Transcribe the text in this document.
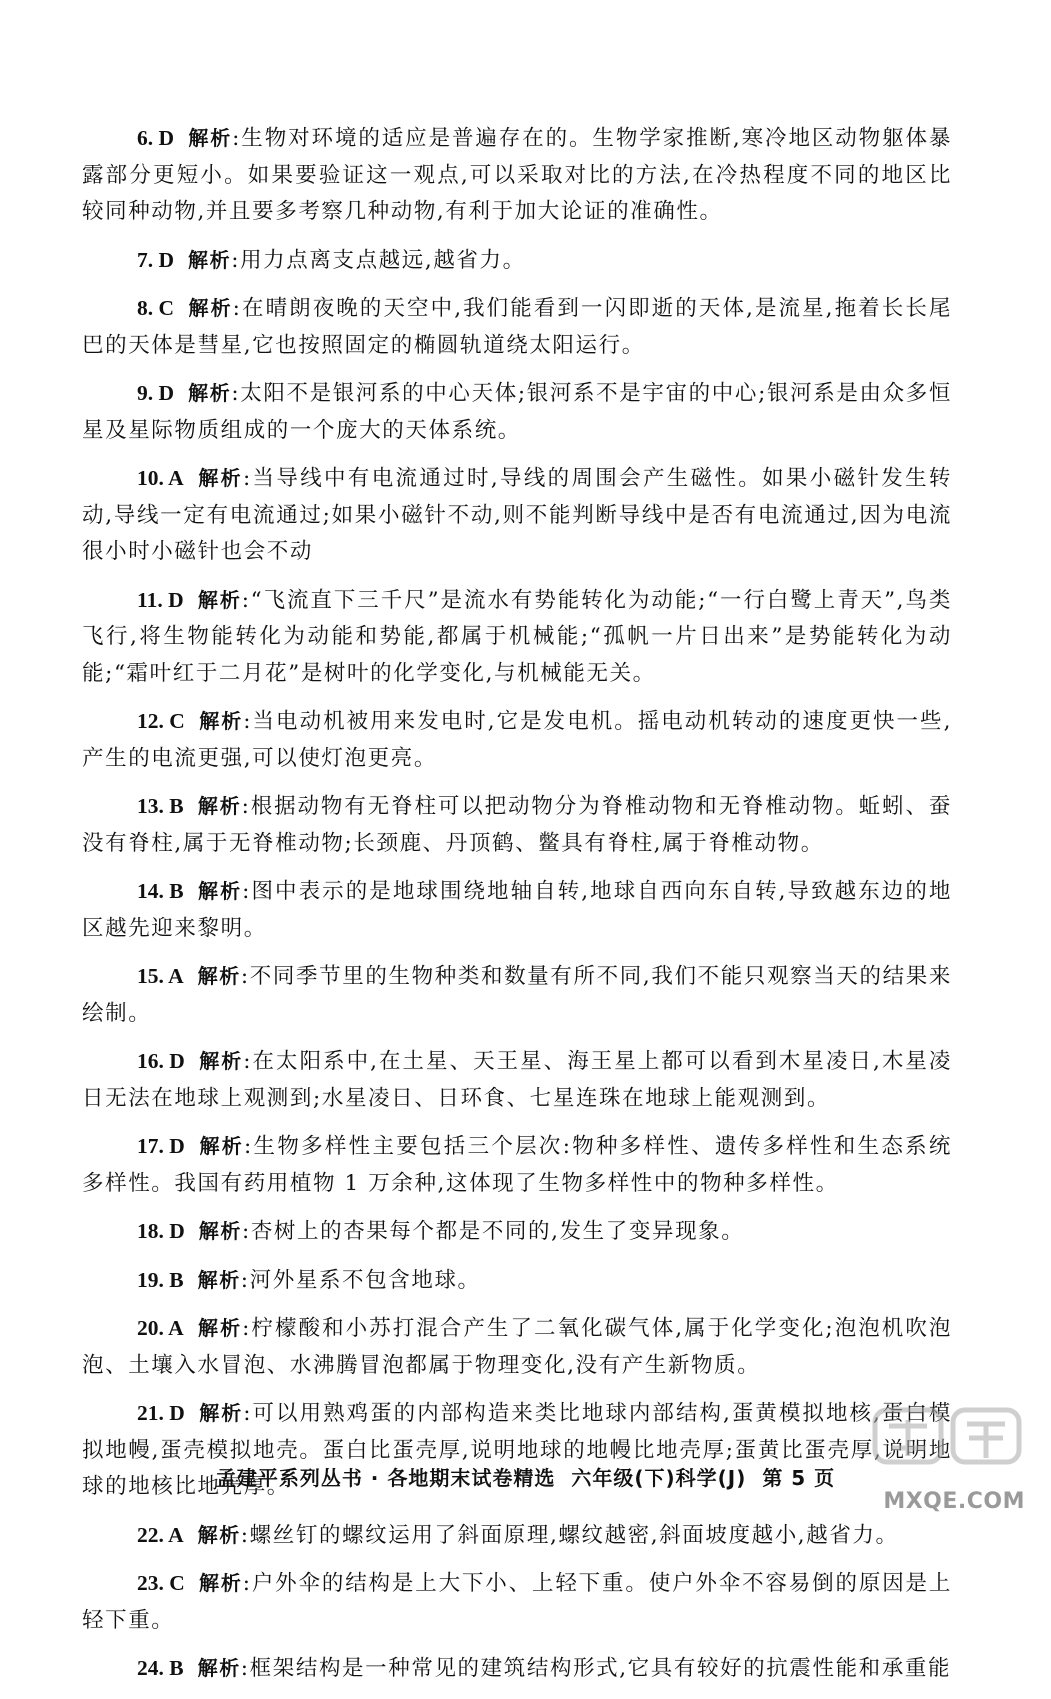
6. D 解析:生物对环境的适应是普遍存在的。生物学家推断,寒冷地区动物躯体暴露部分更短小。如果要验证这一观点,可以采取对比的方法,在冷热程度不同的地区比较同种动物,并且要多考察几种动物,有利于加大论证的准确性。
7. D 解析:用力点离支点越远,越省力。
8. C 解析:在晴朗夜晚的天空中,我们能看到一闪即逝的天体,是流星,拖着长长尾巴的天体是彗星,它也按照固定的椭圆轨道绕太阳运行。
9. D 解析:太阳不是银河系的中心天体;银河系不是宇宙的中心;银河系是由众多恒星及星际物质组成的一个庞大的天体系统。
10. A 解析:当导线中有电流通过时,导线的周围会产生磁性。如果小磁针发生转动,导线一定有电流通过;如果小磁针不动,则不能判断导线中是否有电流通过,因为电流很小时小磁针也会不动
11. D 解析:“飞流直下三千尺”是流水有势能转化为动能;“一行白鹭上青天”,鸟类飞行,将生物能转化为动能和势能,都属于机械能;“孤帆一片日出来”是势能转化为动能;“霜叶红于二月花”是树叶的化学变化,与机械能无关。
12. C 解析:当电动机被用来发电时,它是发电机。摇电动机转动的速度更快一些,产生的电流更强,可以使灯泡更亮。
13. B 解析:根据动物有无脊柱可以把动物分为脊椎动物和无脊椎动物。蚯蚓、蚕没有脊柱,属于无脊椎动物;长颈鹿、丹顶鹤、鳖具有脊柱,属于脊椎动物。
14. B 解析:图中表示的是地球围绕地轴自转,地球自西向东自转,导致越东边的地区越先迎来黎明。
15. A 解析:不同季节里的生物种类和数量有所不同,我们不能只观察当天的结果来绘制。
16. D 解析:在太阳系中,在土星、天王星、海王星上都可以看到木星凌日,木星凌日无法在地球上观测到;水星凌日、日环食、七星连珠在地球上能观测到。
17. D 解析:生物多样性主要包括三个层次:物种多样性、遗传多样性和生态系统多样性。我国有药用植物 1 万余种,这体现了生物多样性中的物种多样性。
18. D 解析:杏树上的杏果每个都是不同的,发生了变异现象。
19. B 解析:河外星系不包含地球。
20. A 解析:柠檬酸和小苏打混合产生了二氧化碳气体,属于化学变化;泡泡机吹泡泡、土壤入水冒泡、水沸腾冒泡都属于物理变化,没有产生新物质。
21. D 解析:可以用熟鸡蛋的内部构造来类比地球内部结构,蛋黄模拟地核,蛋白模拟地幔,蛋壳模拟地壳。蛋白比蛋壳厚,说明地球的地幔比地壳厚;蛋黄比蛋壳厚,说明地球的地核比地壳厚。
22. A 解析:螺丝钉的螺纹运用了斜面原理,螺纹越密,斜面坡度越小,越省力。
23. C 解析:户外伞的结构是上大下小、上轻下重。使户外伞不容易倒的原因是上轻下重。
24. B 解析:框架结构是一种常见的建筑结构形式,它具有较好的抗震性能和承重能
孟建平系列丛书 · 各地期末试卷精选 六年级(下)科学(J) 第 5 页
MXQE.COM
